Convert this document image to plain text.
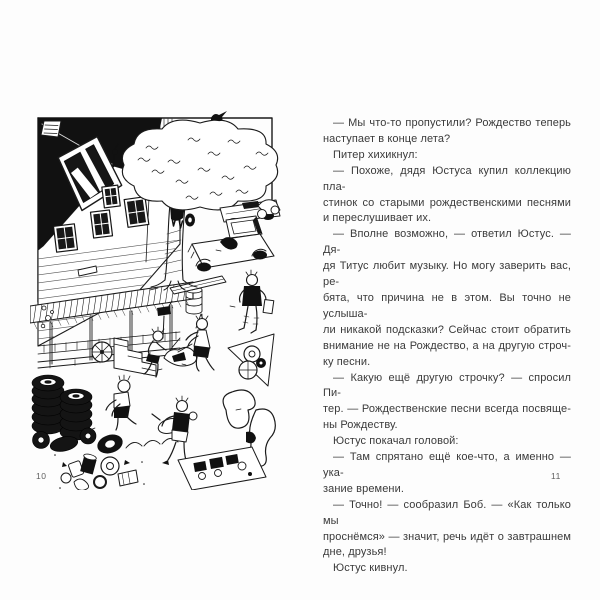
10
— Мы что-то пропустили? Рождество теперь
наступает в конце лета?
Питер хихикнул:
— Похоже, дядя Юстуса купил коллекцию пла-
стинок со старыми рождественскими песнями
и переслушивает их.
— Вполне возможно, — ответил Юстус. — Дя-
дя Титус любит музыку. Но могу заверить вас, ре-
бята, что причина не в этом. Вы точно не услыша-
ли никакой подсказки? Сейчас стоит обратить
внимание не на Рождество, а на другую строч-
ку песни.
— Какую ещё другую строчку? — спросил Пи-
тер. — Рождественские песни всегда посвяще-
ны Рождеству.
Юстус покачал головой:
— Там спрятано ещё кое-что, а именно — ука-
зание времени.
— Точно! — сообразил Боб. — «Как только мы
проснёмся» — значит, речь идёт о завтрашнем
дне, друзья!
Юстус кивнул.
11
